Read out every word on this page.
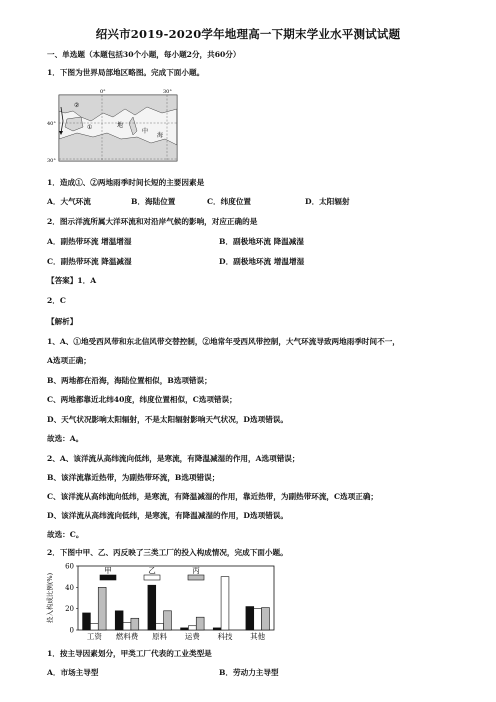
绍兴市2019-2020学年地理高一下期末学业水平测试试题
一、单选题（本题包括30个小题，每小题2分，共60分）
1．下图为世界局部地区略图。完成下面小题。
0°	30°
40°
30°
①
②
地
中
海
1．造成①、②两地雨季时间长短的主要因素是
A．大气环流	B．海陆位置	C．纬度位置	D．太阳辐射
2．图示洋流所属大洋环流和对沿岸气候的影响，对应正确的是
A．副热带环流 增温增湿	B．副极地环流 降温减湿
C．副热带环流 降温减湿	D．副极地环流 增温增湿
【答案】1．A
2．C
【解析】
1、A、①地受西风带和东北信风带交替控制，②地常年受西风带控制，大气环流导致两地雨季时间不一，
A选项正确；
B、两地都在沿海，海陆位置相似，B选项错误；
C、两地都靠近北纬40度，纬度位置相似，C选项错误；
D、天气状况影响太阳辐射，不是太阳辐射影响天气状况，D选项错误。
故选：A。
2、A、该洋流从高纬流向低纬，是寒流，有降温减湿的作用，A选项错误；
B、该洋流靠近热带，为副热带环流，B选项错误；
C、该洋流从高纬流向低纬，是寒流，有降温减湿的作用，靠近热带，为副热带环流，C选项正确；
D、该洋流从高纬流向低纬，是寒流，有降温减湿的作用，D选项错误。
故选：C。
2．下图中甲、乙、丙反映了三类工厂的投入构成情况，完成下面小题。
0
20
40
60
投入构成比例(%)
工资 燃料费 原料 运费 科技 其他
甲	乙	丙
1．按主导因素划分，甲类工厂代表的工业类型是
A．市场主导型	B．劳动力主导型
